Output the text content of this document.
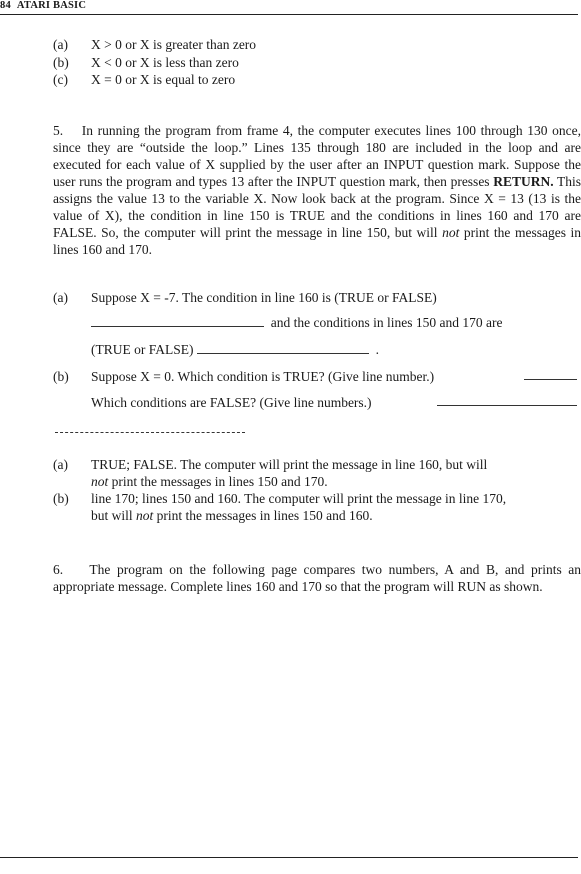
84 ATARI BASIC
(a) X > 0 or X is greater than zero
(b) X < 0 or X is less than zero
(c) X = 0 or X is equal to zero
5. In running the program from frame 4, the computer executes lines 100 through 130 once, since they are “outside the loop.” Lines 135 through 180 are included in the loop and are executed for each value of X supplied by the user after an INPUT question mark. Suppose the user runs the program and types 13 after the INPUT question mark, then presses RETURN. This assigns the value 13 to the variable X. Now look back at the program. Since X = 13 (13 is the value of X), the condition in line 150 is TRUE and the conditions in lines 160 and 170 are FALSE. So, the computer will print the message in line 150, but will not print the messages in lines 160 and 170.
(a) Suppose X = -7. The condition in line 160 is (TRUE or FALSE)
and the conditions in lines 150 and 170 are
(TRUE or FALSE)	.
(b) Suppose X = 0. Which condition is TRUE? (Give line number.)
Which conditions are FALSE? (Give line numbers.)
(a)	TRUE; FALSE. The computer will print the message in line 160, but will
not print the messages in lines 150 and 170.
(b)	line 170; lines 150 and 160. The computer will print the message in line 170,
but will not print the messages in lines 150 and 160.
6. The program on the following page compares two numbers, A and B, and prints an appropriate message. Complete lines 160 and 170 so that the program will RUN as shown.
